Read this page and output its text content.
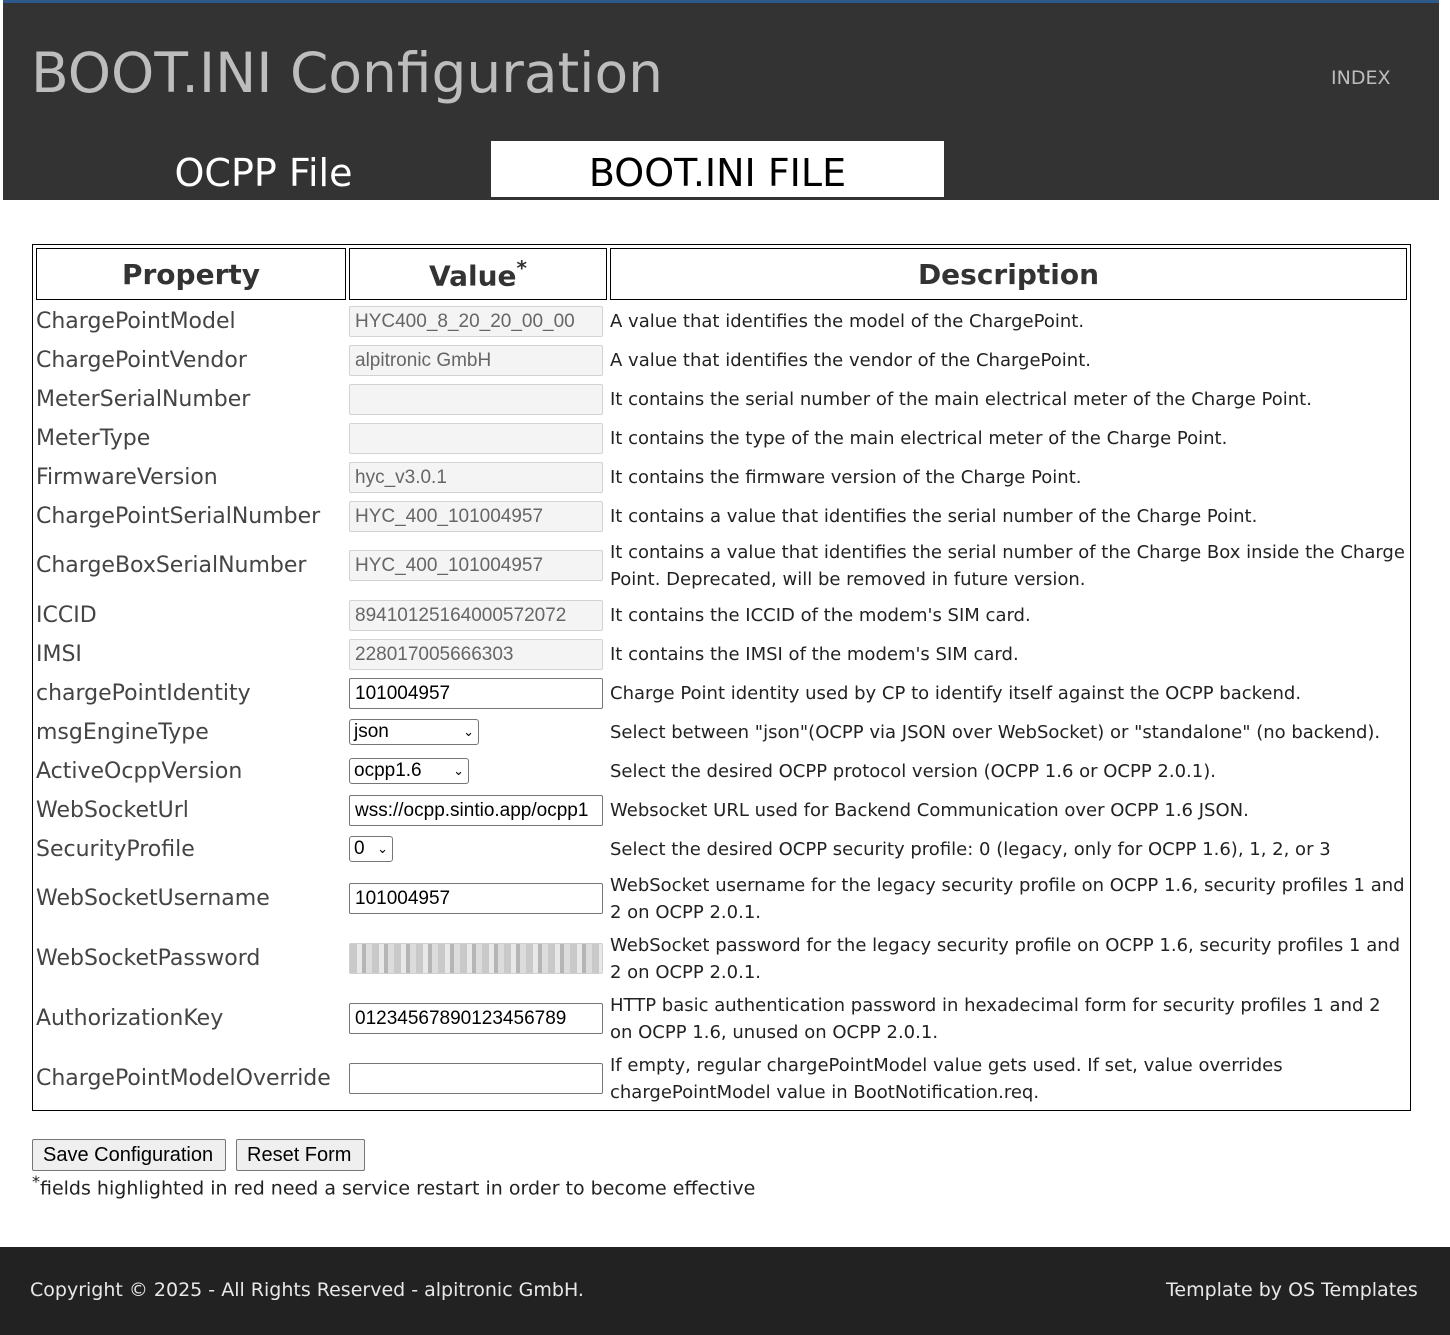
BOOT.INI Configuration	INDEX
OCPP File	BOOT.INI FILE
Property	Value*	Description
ChargePointModel	HYC400_8_20_20_00_00	A value that identifies the model of the ChargePoint.
ChargePointVendor	alpitronic GmbH	A value that identifies the vendor of the ChargePoint.
MeterSerialNumber		It contains the serial number of the main electrical meter of the Charge Point.
MeterType		It contains the type of the main electrical meter of the Charge Point.
FirmwareVersion	hyc_v3.0.1	It contains the firmware version of the Charge Point.
ChargePointSerialNumber	HYC_400_101004957	It contains a value that identifies the serial number of the Charge Point.
ChargeBoxSerialNumber	HYC_400_101004957	It contains a value that identifies the serial number of the Charge Box inside the Charge Point. Deprecated, will be removed in future version.
ICCID	89410125164000572072	It contains the ICCID of the modem's SIM card.
IMSI	228017005666303	It contains the IMSI of the modem's SIM card.
chargePointIdentity	101004957	Charge Point identity used by CP to identify itself against the OCPP backend.
msgEngineType	json ⌄	Select between "json"(OCPP via JSON over WebSocket) or "standalone" (no backend).
ActiveOcppVersion	ocpp1.6 ⌄	Select the desired OCPP protocol version (OCPP 1.6 or OCPP 2.0.1).
WebSocketUrl	wss://ocpp.sintio.app/ocpp1	Websocket URL used for Backend Communication over OCPP 1.6 JSON.
SecurityProfile	0 ⌄	Select the desired OCPP security profile: 0 (legacy, only for OCPP 1.6), 1, 2, or 3
WebSocketUsername	101004957	WebSocket username for the legacy security profile on OCPP 1.6, security profiles 1 and 2 on OCPP 2.0.1.
WebSocketPassword		WebSocket password for the legacy security profile on OCPP 1.6, security profiles 1 and 2 on OCPP 2.0.1.
AuthorizationKey	01234567890123456789	HTTP basic authentication password in hexadecimal form for security profiles 1 and 2 on OCPP 1.6, unused on OCPP 2.0.1.
ChargePointModelOverride		If empty, regular chargePointModel value gets used. If set, value overrides chargePointModel value in BootNotification.req.
Save Configuration	Reset Form
*fields highlighted in red need a service restart in order to become effective
Copyright © 2025 - All Rights Reserved - alpitronic GmbH.	Template by OS Templates
